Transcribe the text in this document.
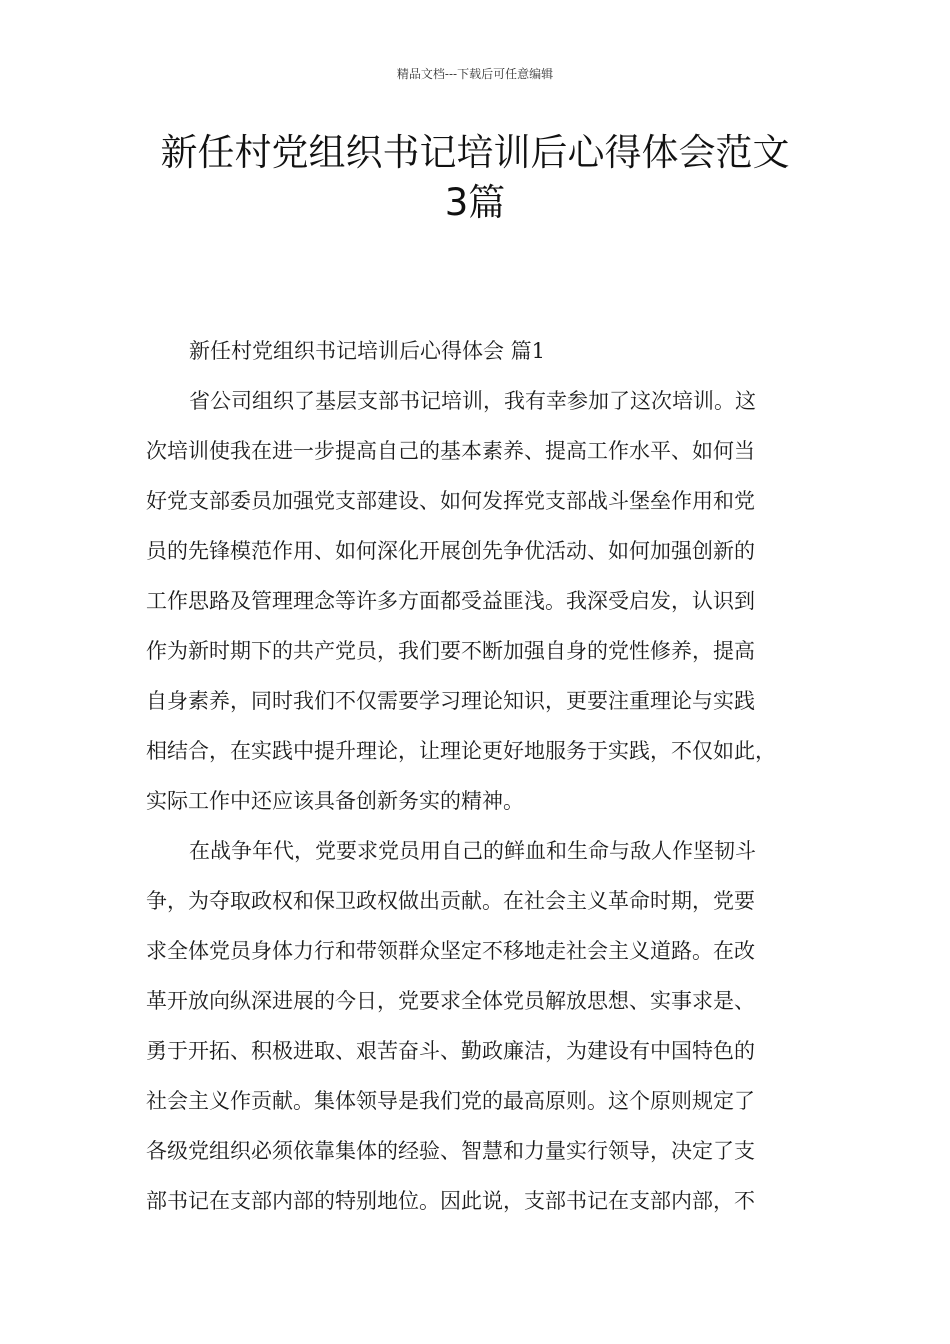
精品文档---下载后可任意编辑
新任村党组织书记培训后心得体会范文
3篇
新任村党组织书记培训后心得体会 篇1
省公司组织了基层支部书记培训，我有幸参加了这次培训。这
次培训使我在进一步提高自己的基本素养、提高工作水平、如何当
好党支部委员加强党支部建设、如何发挥党支部战斗堡垒作用和党
员的先锋模范作用、如何深化开展创先争优活动、如何加强创新的
工作思路及管理理念等许多方面都受益匪浅。我深受启发，认识到
作为新时期下的共产党员，我们要不断加强自身的党性修养，提高
自身素养，同时我们不仅需要学习理论知识，更要注重理论与实践
相结合，在实践中提升理论，让理论更好地服务于实践，不仅如此，
实际工作中还应该具备创新务实的精神。
在战争年代，党要求党员用自己的鲜血和生命与敌人作坚韧斗
争，为夺取政权和保卫政权做出贡献。在社会主义革命时期，党要
求全体党员身体力行和带领群众坚定不移地走社会主义道路。在改
革开放向纵深进展的今日，党要求全体党员解放思想、实事求是、
勇于开拓、积极进取、艰苦奋斗、勤政廉洁，为建设有中国特色的
社会主义作贡献。集体领导是我们党的最高原则。这个原则规定了
各级党组织必须依靠集体的经验、智慧和力量实行领导，决定了支
部书记在支部内部的特别地位。因此说，支部书记在支部内部，不
